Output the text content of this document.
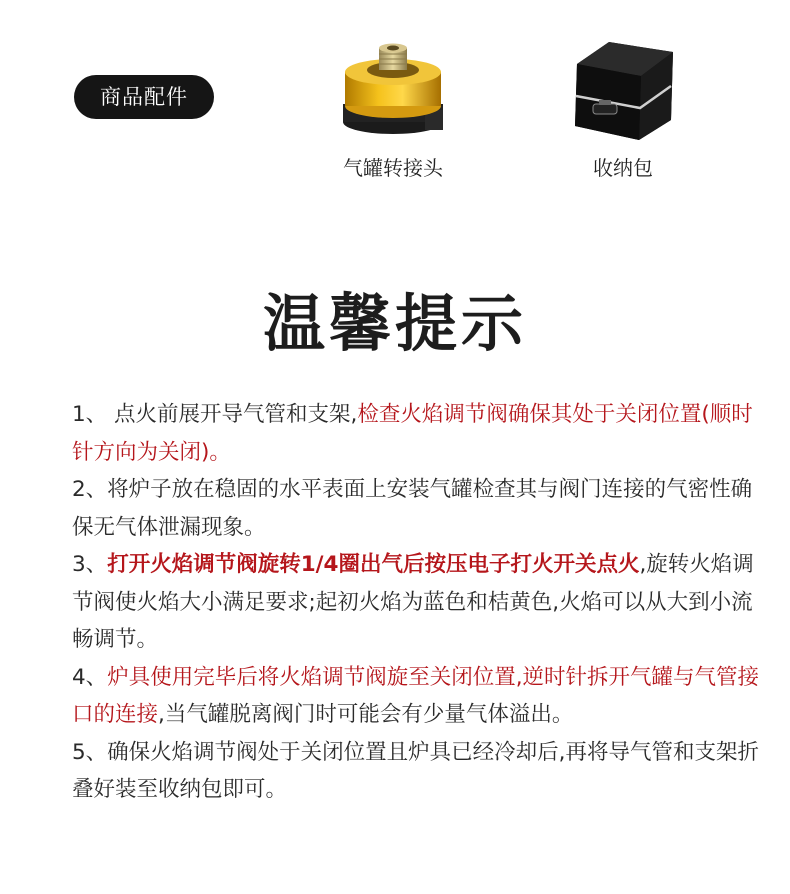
商品配件
气罐转接头	收纳包
温馨提示

1、 点火前展开导气管和支架,检查火焰调节阀确保其处于关闭位置(顺时针方向为关闭)。

2、将炉子放在稳固的水平表面上安装气罐检查其与阀门连接的气密性确保无气体泄漏现象。

3、打开火焰调节阀旋转1/4圈出气后按压电子打火开关点火,旋转火焰调节阀使火焰大小满足要求;起初火焰为蓝色和桔黄色,火焰可以从大到小流畅调节。

4、炉具使用完毕后将火焰调节阀旋至关闭位置,逆时针拆开气罐与气管接口的连接,当气罐脱离阀门时可能会有少量气体溢出。

5、确保火焰调节阀处于关闭位置且炉具已经冷却后,再将导气管和支架折叠好装至收纳包即可。
